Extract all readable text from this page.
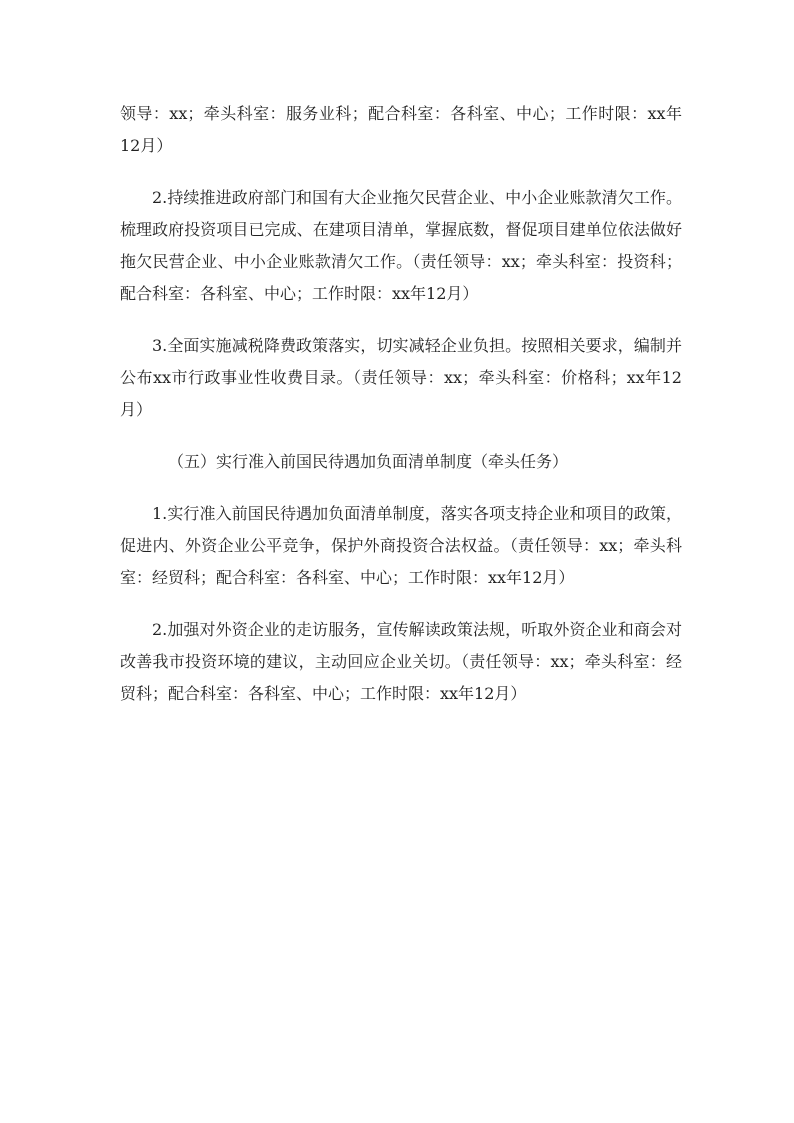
领导：xx；牵头科室：服务业科；配合科室：各科室、中心；工作时限：xx年12月）

2.持续推进政府部门和国有大企业拖欠民营企业、中小企业账款清欠工作。梳理政府投资项目已完成、在建项目清单，掌握底数，督促项目建单位依法做好拖欠民营企业、中小企业账款清欠工作。（责任领导：xx；牵头科室：投资科；配合科室：各科室、中心；工作时限：xx年12月）

3.全面实施减税降费政策落实，切实减轻企业负担。按照相关要求，编制并公布xx市行政事业性收费目录。（责任领导：xx；牵头科室：价格科；xx年12月）

（五）实行准入前国民待遇加负面清单制度（牵头任务）

1.实行准入前国民待遇加负面清单制度，落实各项支持企业和项目的政策，促进内、外资企业公平竞争，保护外商投资合法权益。（责任领导：xx；牵头科室：经贸科；配合科室：各科室、中心；工作时限：xx年12月）

2.加强对外资企业的走访服务，宣传解读政策法规，听取外资企业和商会对改善我市投资环境的建议，主动回应企业关切。（责任领导：xx；牵头科室：经贸科；配合科室：各科室、中心；工作时限：xx年12月）
